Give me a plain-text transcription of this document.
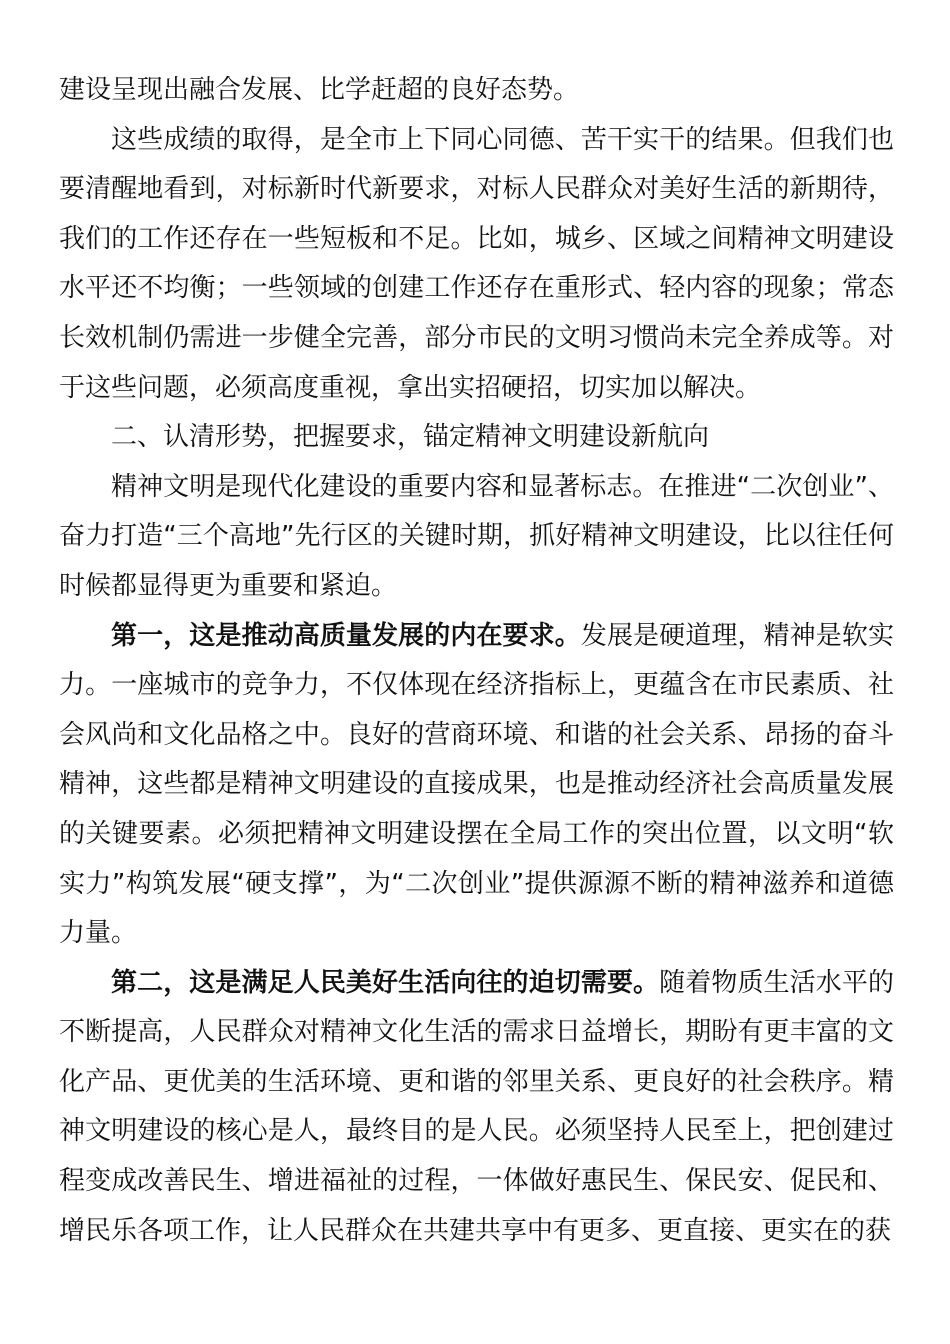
建设呈现出融合发展、比学赶超的良好态势。

这些成绩的取得，是全市上下同心同德、苦干实干的结果。但我们也要清醒地看到，对标新时代新要求，对标人民群众对美好生活的新期待，我们的工作还存在一些短板和不足。比如，城乡、区域之间精神文明建设水平还不均衡；一些领域的创建工作还存在重形式、轻内容的现象；常态长效机制仍需进一步健全完善，部分市民的文明习惯尚未完全养成等。对于这些问题，必须高度重视，拿出实招硬招，切实加以解决。

二、认清形势，把握要求，锚定精神文明建设新航向

精神文明是现代化建设的重要内容和显著标志。在推进“二次创业”、奋力打造“三个高地”先行区的关键时期，抓好精神文明建设，比以往任何时候都显得更为重要和紧迫。

第一，这是推动高质量发展的内在要求。发展是硬道理，精神是软实力。一座城市的竞争力，不仅体现在经济指标上，更蕴含在市民素质、社会风尚和文化品格之中。良好的营商环境、和谐的社会关系、昂扬的奋斗精神，这些都是精神文明建设的直接成果，也是推动经济社会高质量发展的关键要素。必须把精神文明建设摆在全局工作的突出位置，以文明“软实力”构筑发展“硬支撑”，为“二次创业”提供源源不断的精神滋养和道德力量。

第二，这是满足人民美好生活向往的迫切需要。随着物质生活水平的不断提高，人民群众对精神文化生活的需求日益增长，期盼有更丰富的文化产品、更优美的生活环境、更和谐的邻里关系、更良好的社会秩序。精神文明建设的核心是人，最终目的是人民。必须坚持人民至上，把创建过程变成改善民生、增进福祉的过程，一体做好惠民生、保民安、促民和、增民乐各项工作，让人民群众在共建共享中有更多、更直接、更实在的获
